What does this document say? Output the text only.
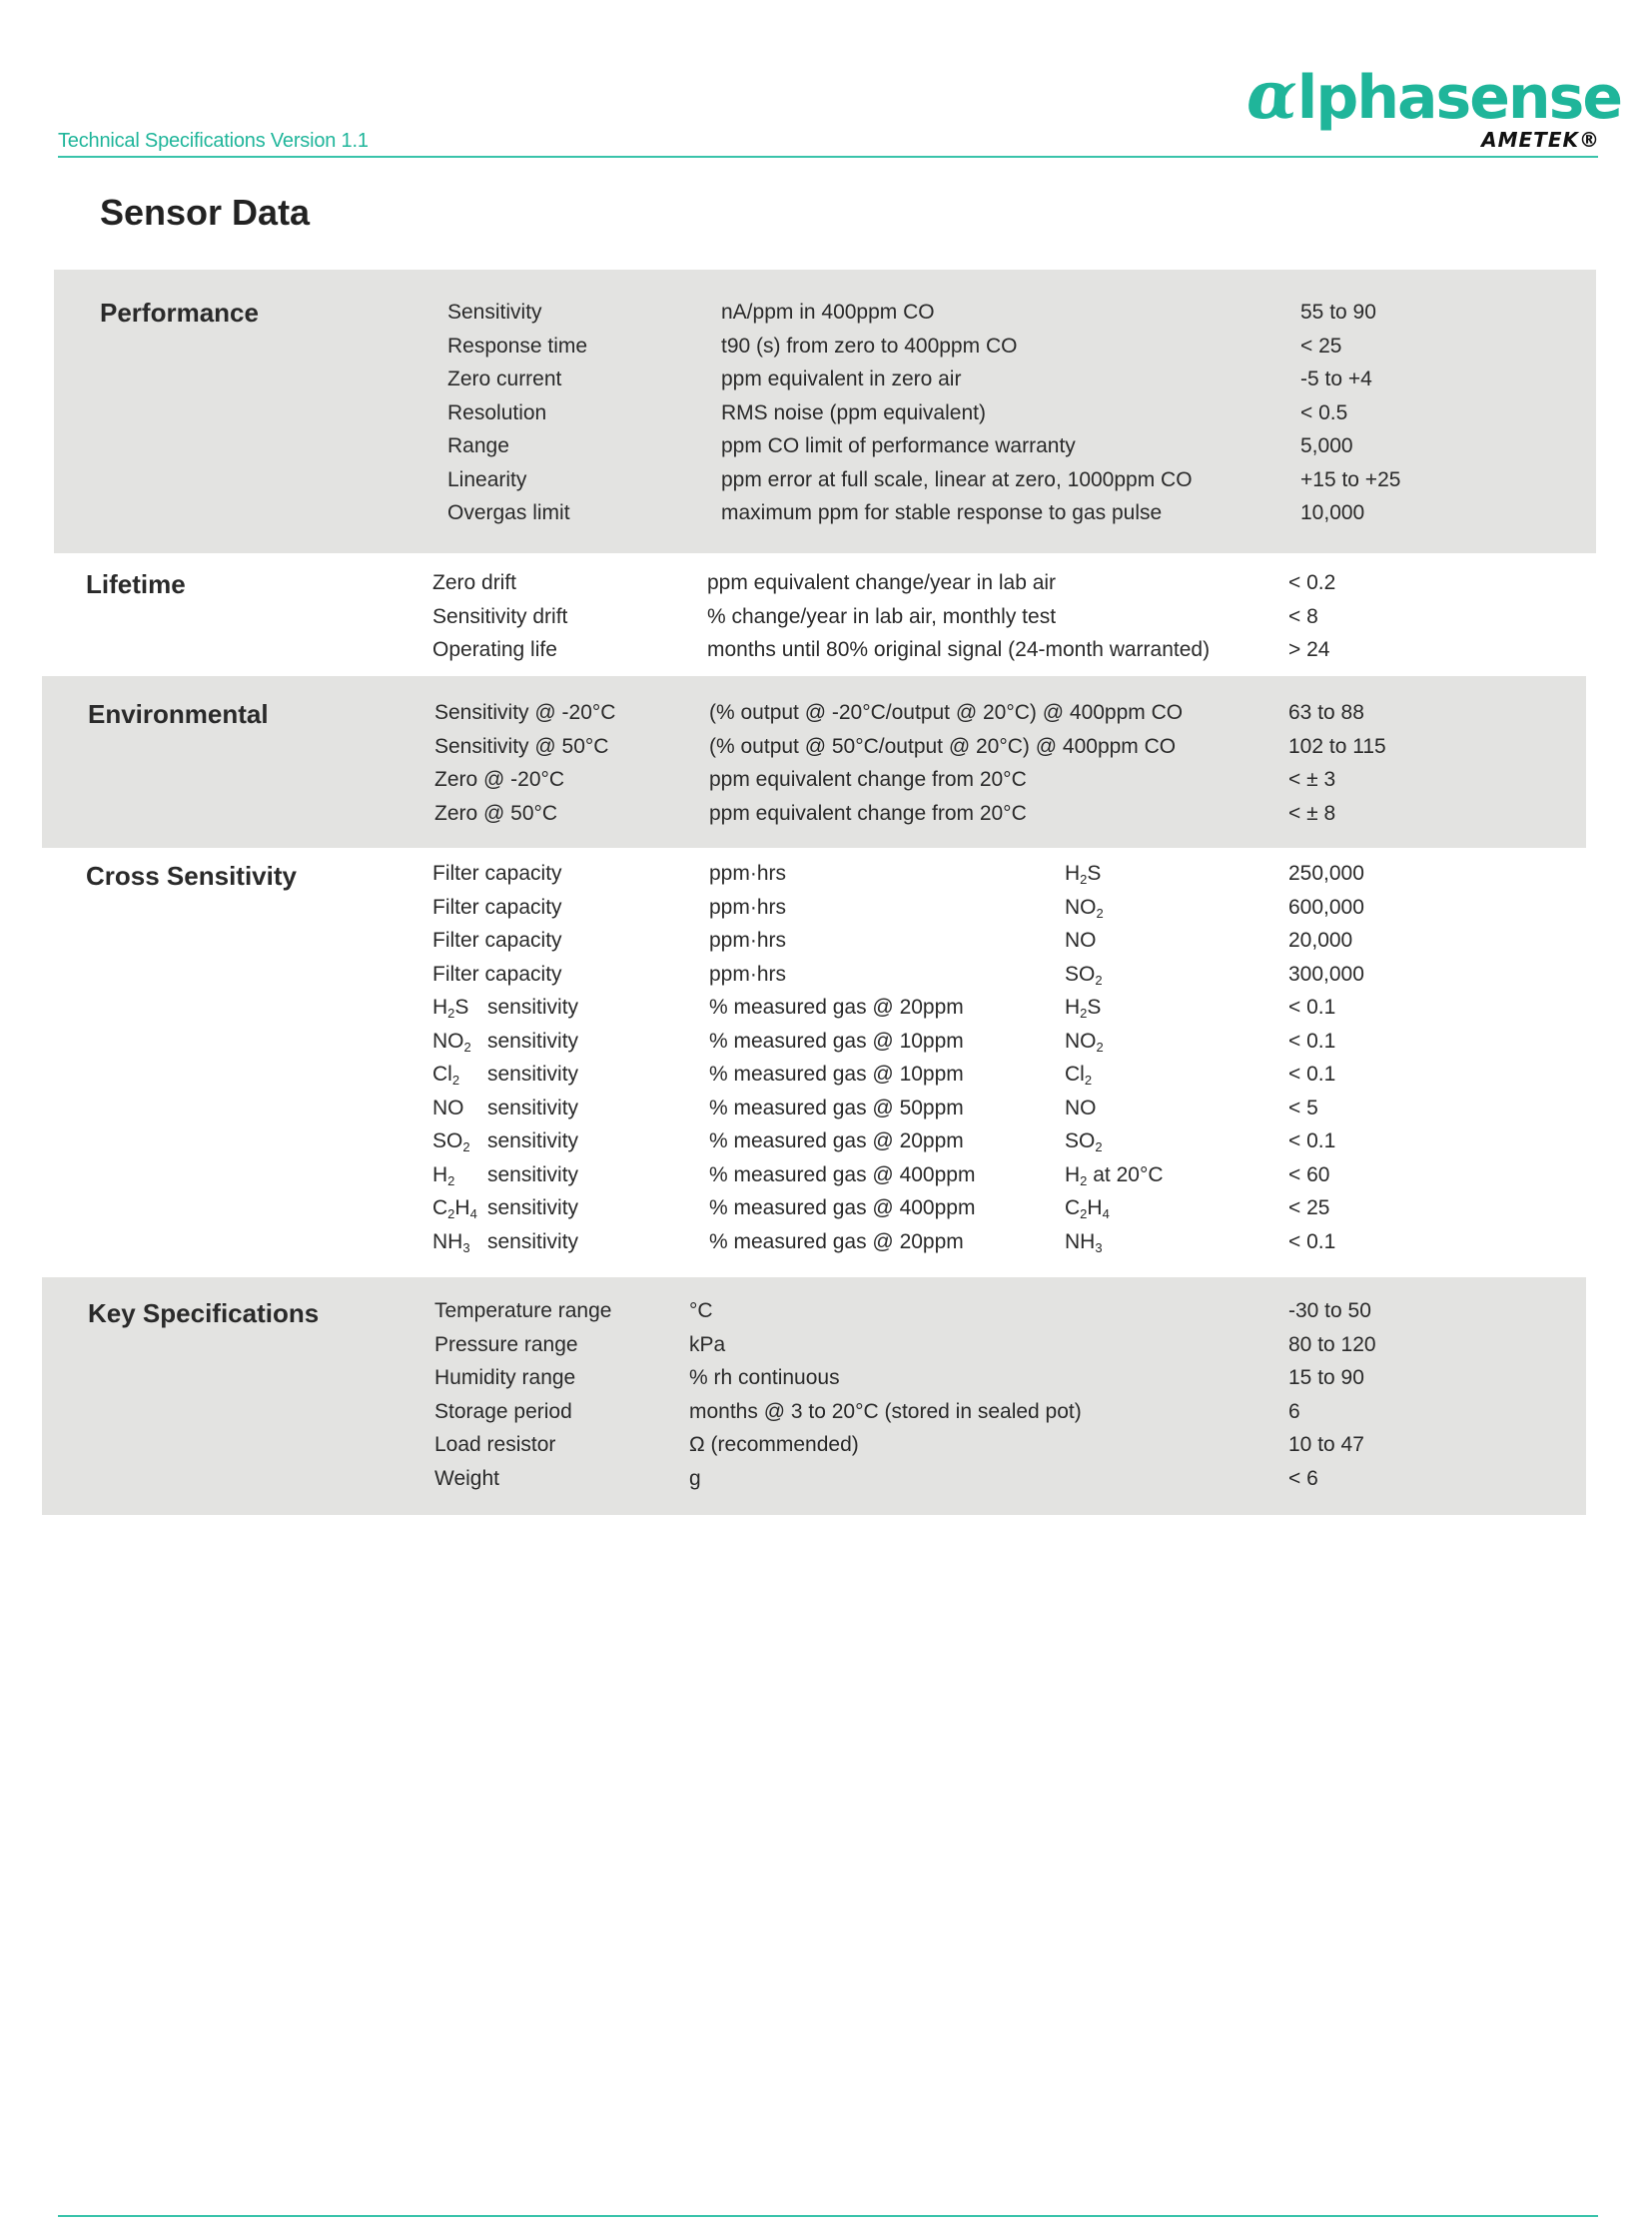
Technical Specifications Version 1.1
αlphasense
AMETEK®
Sensor Data
Performance	Sensitivity	nA/ppm in 400ppm CO	55 to 90
Response time	t90 (s) from zero to 400ppm CO	< 25
Zero current	ppm equivalent in zero air	-5 to +4
Resolution	RMS noise (ppm equivalent)	< 0.5
Range	ppm CO limit of performance warranty	5,000
Linearity	ppm error at full scale, linear at zero, 1000ppm CO	+15 to +25
Overgas limit	maximum ppm for stable response to gas pulse	10,000
Lifetime	Zero drift	ppm equivalent change/year in lab air	< 0.2
Sensitivity drift	% change/year in lab air, monthly test	< 8
Operating life	months until 80% original signal (24-month warranted)	> 24
Environmental	Sensitivity @ -20°C	(% output @ -20°C/output @ 20°C) @ 400ppm CO	63 to 88
Sensitivity @ 50°C	(% output @ 50°C/output @ 20°C) @ 400ppm CO	102 to 115
Zero @ -20°C	ppm equivalent change from 20°C	< ± 3
Zero @ 50°C	ppm equivalent change from 20°C	< ± 8
Cross Sensitivity	Filter capacity	ppm·hrs	$H_2S$	250,000
Filter capacity	ppm·hrs	$NO_2$	600,000
Filter capacity	ppm·hrs	NO	20,000
Filter capacity	ppm·hrs	$SO_2$	300,000
$H_2S$ sensitivity	% measured gas @ 20ppm	$H_2S$	< 0.1
$NO_2$ sensitivity	% measured gas @ 10ppm	$NO_2$	< 0.1
$Cl_2$ sensitivity	% measured gas @ 10ppm	$Cl_2$	< 0.1
NO sensitivity	% measured gas @ 50ppm	NO	< 5
$SO_2$ sensitivity	% measured gas @ 20ppm	$SO_2$	< 0.1
$H_2$ sensitivity	% measured gas @ 400ppm	$H_2$ at 20°C	< 60
$C_2H_4$ sensitivity	% measured gas @ 400ppm	$C_2H_4$	< 25
$NH_3$ sensitivity	% measured gas @ 20ppm	$NH_3$	< 0.1
Key Specifications	Temperature range	°C	-30 to 50
Pressure range	kPa	80 to 120
Humidity range	% rh continuous	15 to 90
Storage period	months @ 3 to 20°C (stored in sealed pot)	6
Load resistor	Ω (recommended)	10 to 47
Weight	g	< 6
